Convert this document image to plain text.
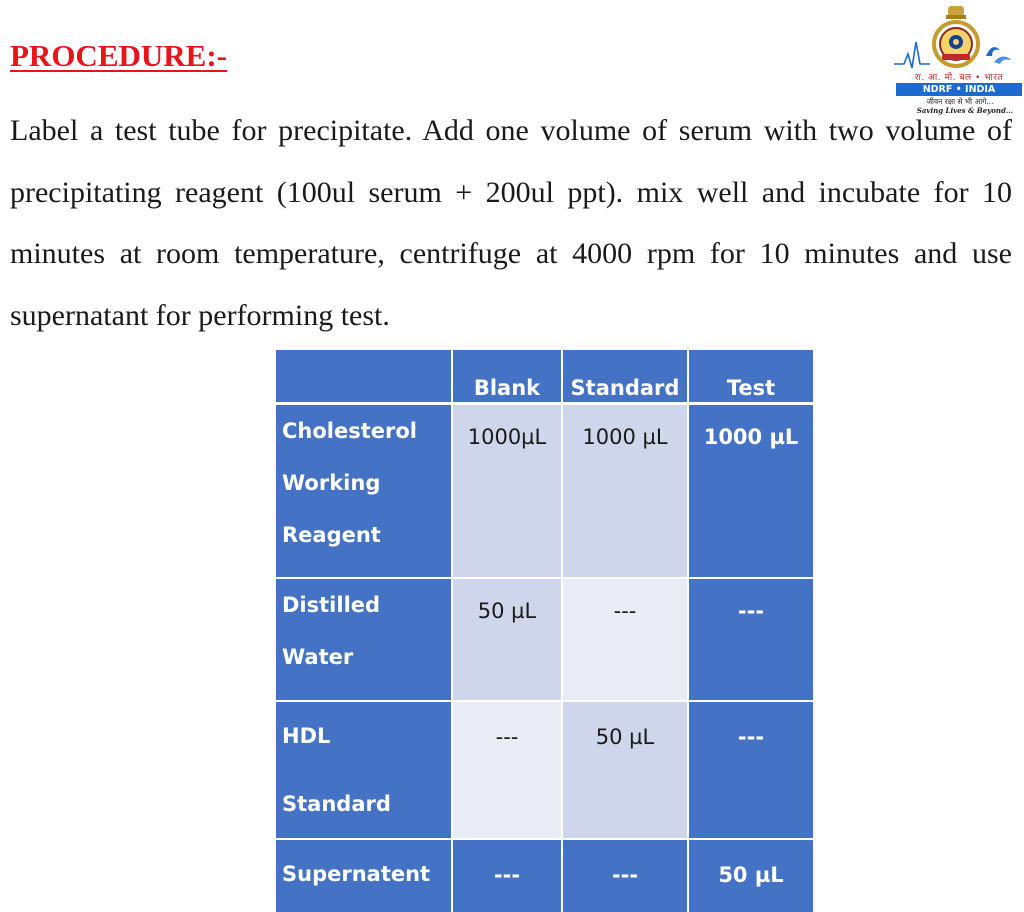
PROCEDURE:-

Label a test tube for precipitate. Add one volume of serum with two volume of precipitating reagent (100ul serum + 200ul ppt). mix well and incubate for 10 minutes at room temperature, centrifuge at 4000 rpm for 10 minutes and use supernatant for performing test.

रा. आ. मो. बल • भारत
NDRF • INDIA
जीवन रक्षा से भी आगे...
Saving Lives & Beyond...
	Blank	Standard	Test
Cholesterol Working Reagent	1000µL	1000 µL	1000 µL
Distilled Water	50 µL	---	---
HDL Standard	---	50 µL	---
Supernatent	---	---	50 µL
